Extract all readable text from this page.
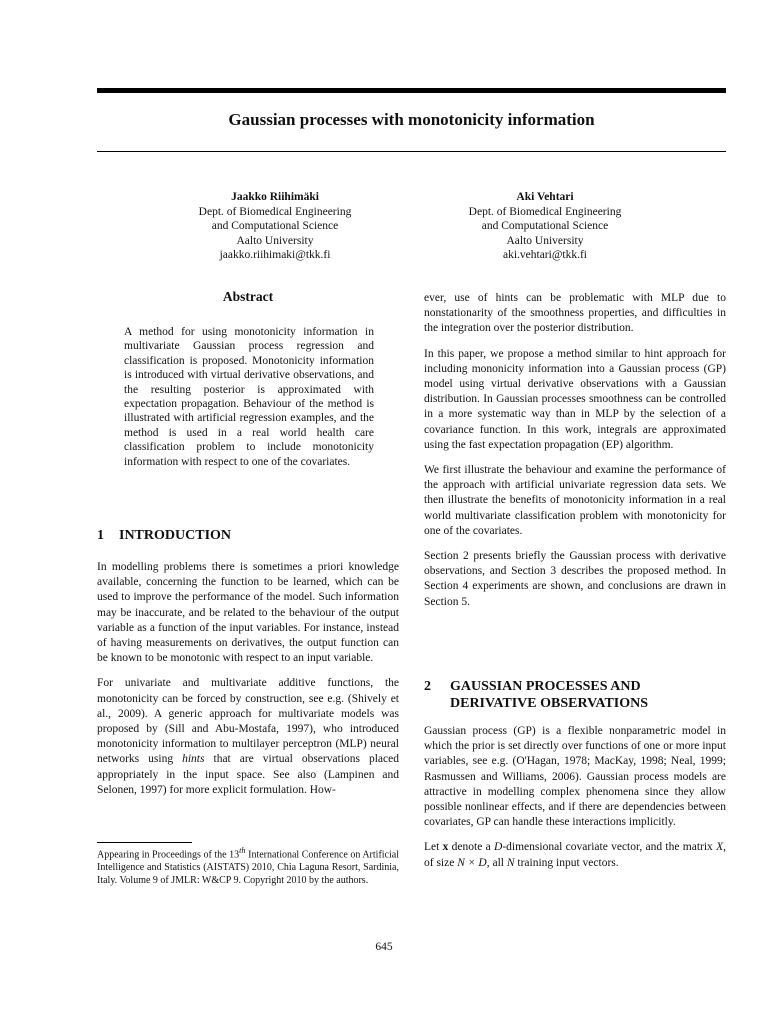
Gaussian processes with monotonicity information
Jaakko Riihimäki
Dept. of Biomedical Engineering
and Computational Science
Aalto University
jaakko.riihimaki@tkk.fi
Aki Vehtari
Dept. of Biomedical Engineering
and Computational Science
Aalto University
aki.vehtari@tkk.fi
Abstract

A method for using monotonicity information in multivariate Gaussian process regression and classification is proposed. Monotonicity information is introduced with virtual derivative observations, and the resulting posterior is approximated with expectation propagation. Behaviour of the method is illustrated with artificial regression examples, and the method is used in a real world health care classification problem to include monotonicity information with respect to one of the covariates.

1 INTRODUCTION

In modelling problems there is sometimes a priori knowledge available, concerning the function to be learned, which can be used to improve the performance of the model. Such information may be inaccurate, and be related to the behaviour of the output variable as a function of the input variables. For instance, instead of having measurements on derivatives, the output function can be known to be monotonic with respect to an input variable.

For univariate and multivariate additive functions, the monotonicity can be forced by construction, see e.g. (Shively et al., 2009). A generic approach for multivariate models was proposed by (Sill and Abu-Mostafa, 1997), who introduced monotonicity information to multilayer perceptron (MLP) neural networks using hints that are virtual observations placed appropriately in the input space. See also (Lampinen and Selonen, 1997) for more explicit formulation. How-

Appearing in Proceedings of the 13th International Conference on Artificial Intelligence and Statistics (AISTATS) 2010, Chia Laguna Resort, Sardinia, Italy. Volume 9 of JMLR: W&CP 9. Copyright 2010 by the authors.

ever, use of hints can be problematic with MLP due to nonstationarity of the smoothness properties, and difficulties in the integration over the posterior distribution.

In this paper, we propose a method similar to hint approach for including mononicity information into a Gaussian process (GP) model using virtual derivative observations with a Gaussian distribution. In Gaussian processes smoothness can be controlled in a more systematic way than in MLP by the selection of a covariance function. In this work, integrals are approximated using the fast expectation propagation (EP) algorithm.

We first illustrate the behaviour and examine the performance of the approach with artificial univariate regression data sets. We then illustrate the benefits of monotonicity information in a real world multivariate classification problem with monotonicity for one of the covariates.

Section 2 presents briefly the Gaussian process with derivative observations, and Section 3 describes the proposed method. In Section 4 experiments are shown, and conclusions are drawn in Section 5.

2 GAUSSIAN PROCESSES AND
DERIVATIVE OBSERVATIONS

Gaussian process (GP) is a flexible nonparametric model in which the prior is set directly over functions of one or more input variables, see e.g. (O'Hagan, 1978; MacKay, 1998; Neal, 1999; Rasmussen and Williams, 2006). Gaussian process models are attractive in modelling complex phenomena since they allow possible nonlinear effects, and if there are dependencies between covariates, GP can handle these interactions implicitly.

Let x denote a D-dimensional covariate vector, and the matrix X, of size N × D, all N training input vectors.

645
